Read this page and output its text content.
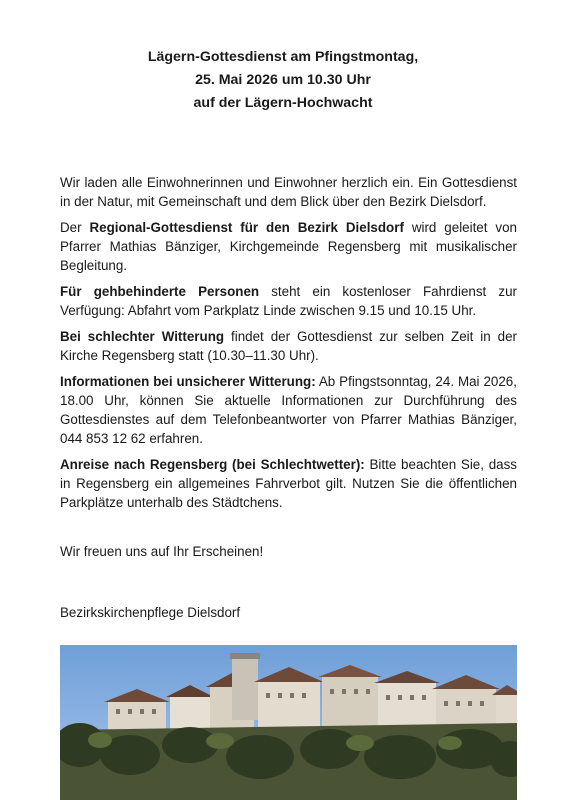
Lägern-Gottesdienst am Pfingstmontag,
25. Mai 2026 um 10.30 Uhr
auf der Lägern-Hochwacht

Wir laden alle Einwohnerinnen und Einwohner herzlich ein. Ein Gottesdienst in der Natur, mit Gemeinschaft und dem Blick über den Bezirk Dielsdorf.

Der Regional-Gottesdienst für den Bezirk Dielsdorf wird geleitet von Pfarrer Mathias Bänziger, Kirchgemeinde Regensberg mit musikalischer Begleitung.

Für gehbehinderte Personen steht ein kostenloser Fahrdienst zur Verfügung: Abfahrt vom Parkplatz Linde zwischen 9.15 und 10.15 Uhr.

Bei schlechter Witterung findet der Gottesdienst zur selben Zeit in der Kirche Regensberg statt (10.30–11.30 Uhr).

Informationen bei unsicherer Witterung: Ab Pfingstsonntag, 24. Mai 2026, 18.00 Uhr, können Sie aktuelle Informationen zur Durchführung des Gottesdienstes auf dem Telefonbeantworter von Pfarrer Mathias Bänziger, 044 853 12 62 erfahren.

Anreise nach Regensberg (bei Schlechtwetter): Bitte beachten Sie, dass in Regensberg ein allgemeines Fahrverbot gilt. Nutzen Sie die öffentlichen Parkplätze unterhalb des Städtchens.

Wir freuen uns auf Ihr Erscheinen!
Bezirkskirchenpflege Dielsdorf
